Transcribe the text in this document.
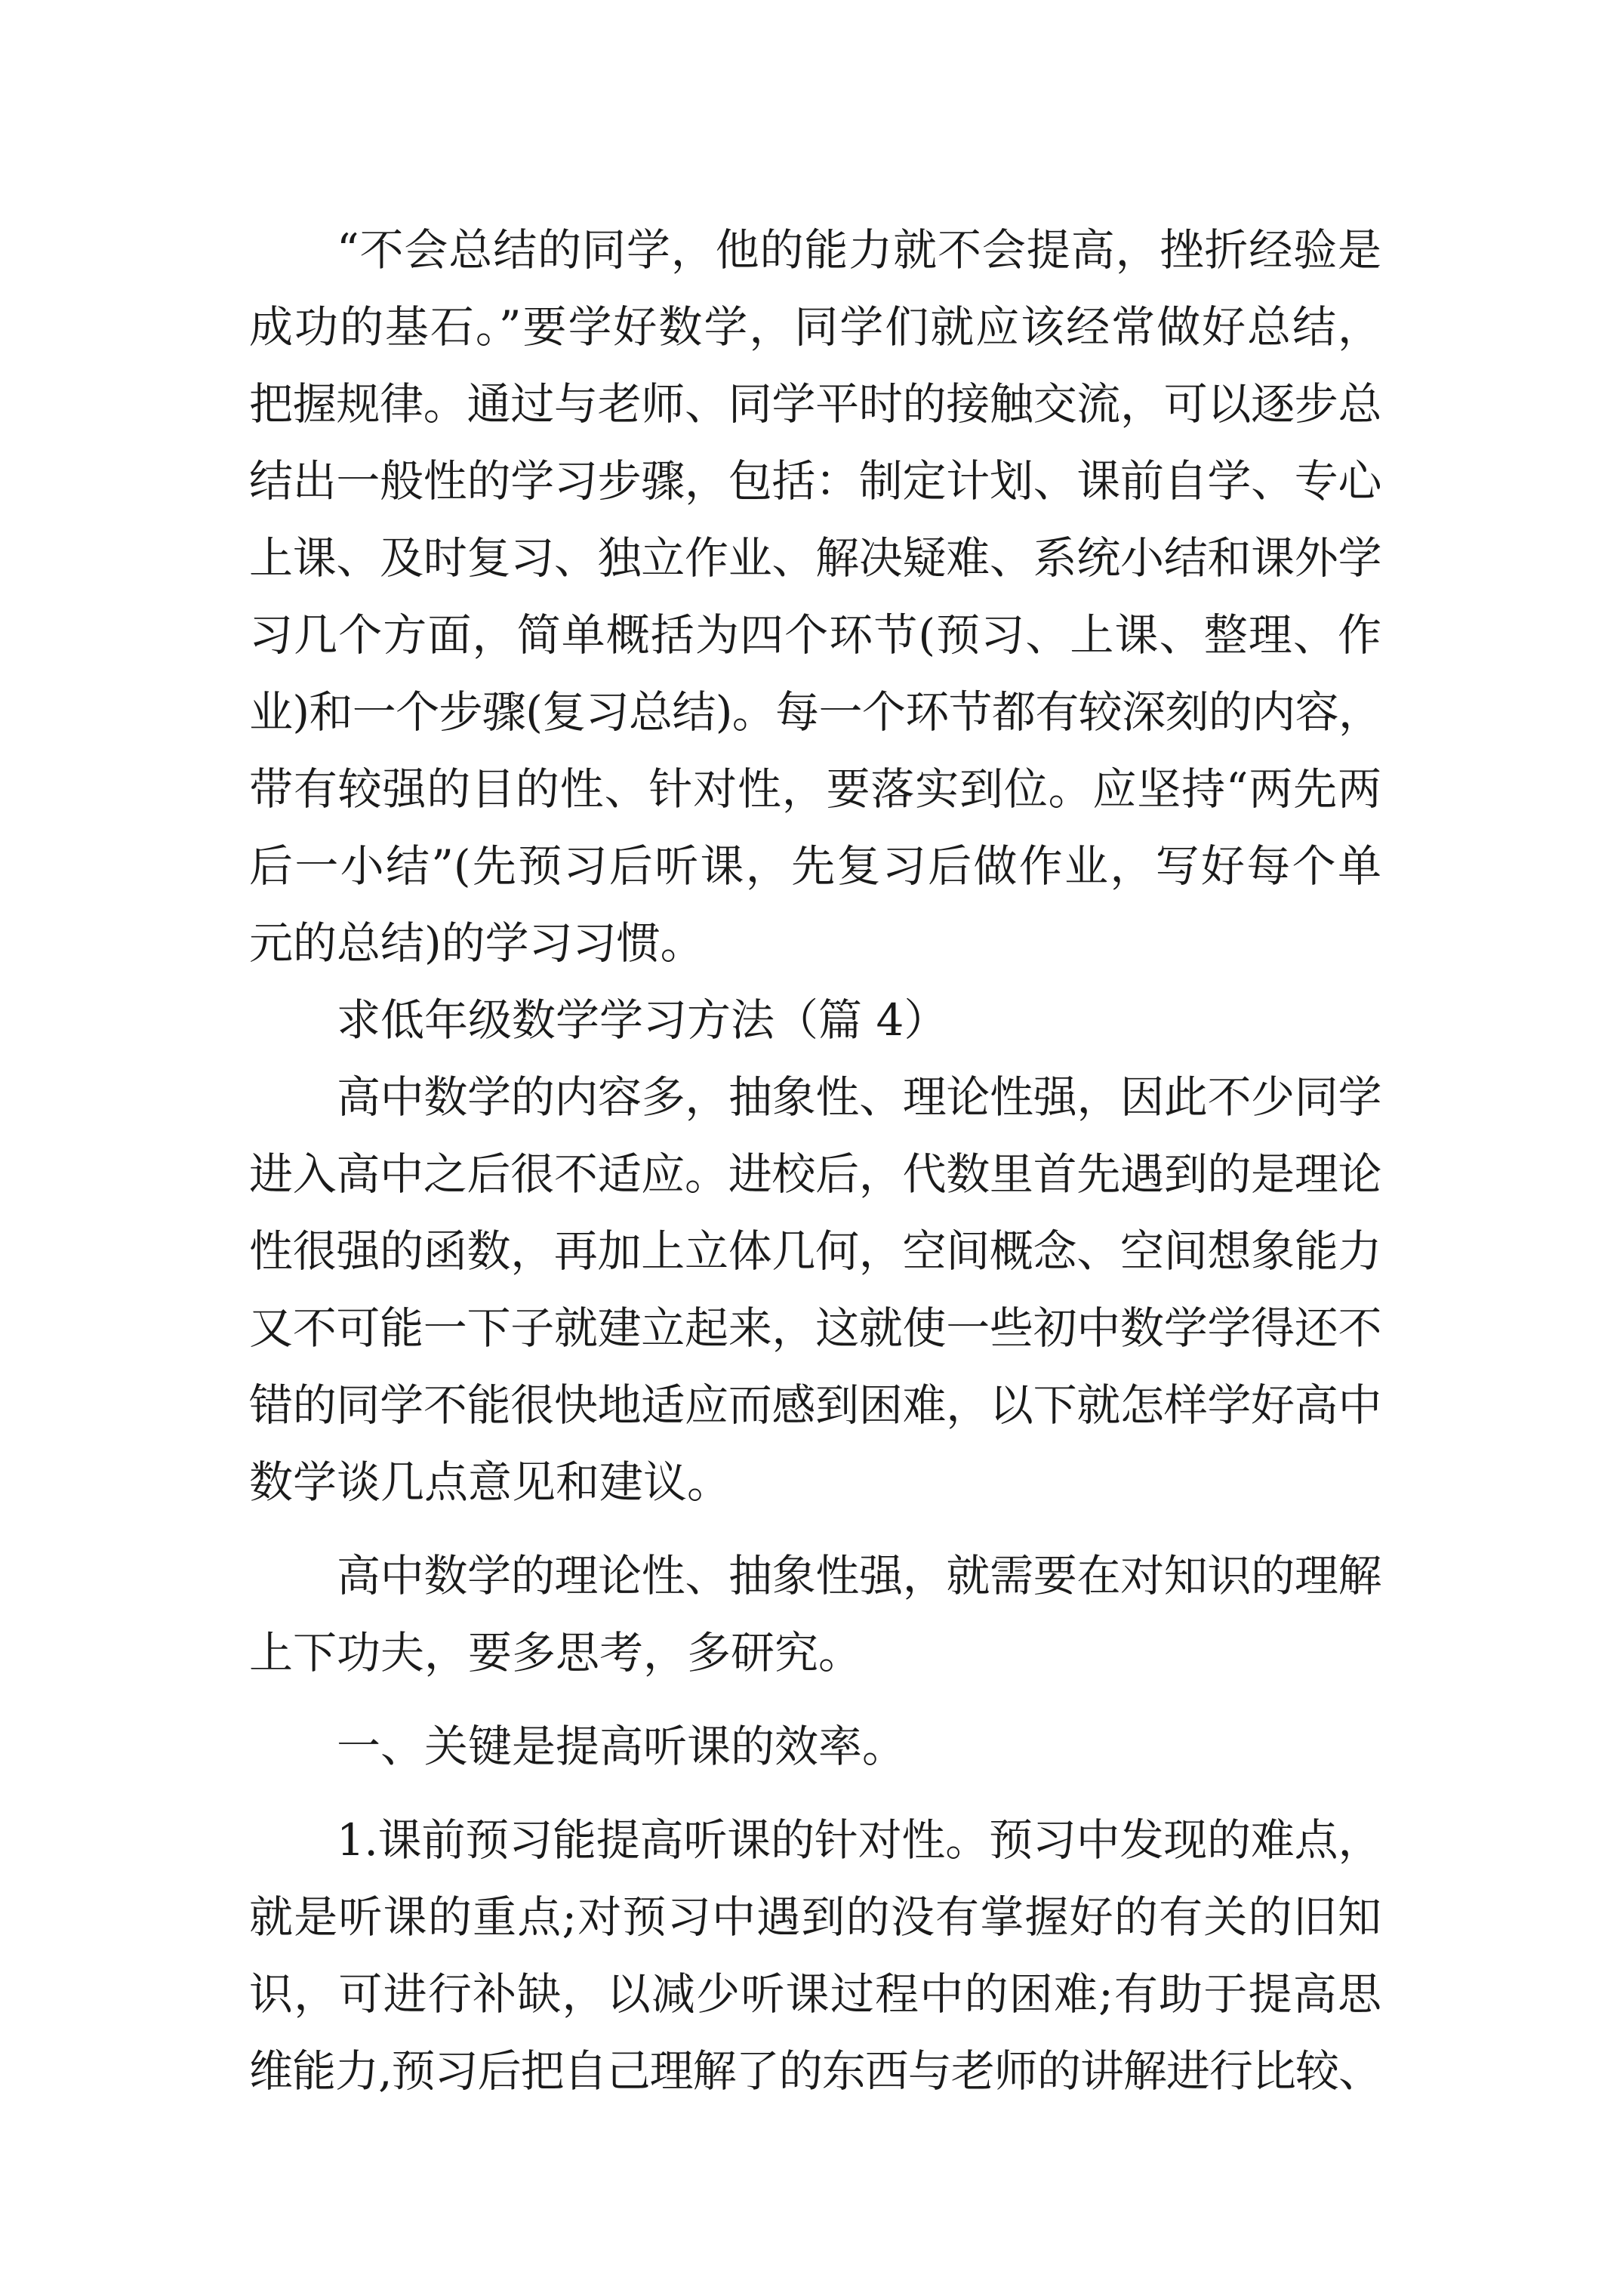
“不会总结的同学，他的能力就不会提高，挫折经验是
成功的基石。”要学好数学，同学们就应该经常做好总结，
把握规律。通过与老师、同学平时的接触交流，可以逐步总
结出一般性的学习步骤，包括：制定计划、课前自学、专心
上课、及时复习、独立作业、解决疑难、系统小结和课外学
习几个方面，简单概括为四个环节(预习、上课、整理、作
业)和一个步骤(复习总结)。每一个环节都有较深刻的内容，
带有较强的目的性、针对性，要落实到位。应坚持“两先两
后一小结”(先预习后听课，先复习后做作业，写好每个单
元的总结)的学习习惯。
求低年级数学学习方法（篇 4）
高中数学的内容多，抽象性、理论性强，因此不少同学
进入高中之后很不适应。进校后，代数里首先遇到的是理论
性很强的函数，再加上立体几何，空间概念、空间想象能力
又不可能一下子就建立起来，这就使一些初中数学学得还不
错的同学不能很快地适应而感到困难，以下就怎样学好高中
数学谈几点意见和建议。
高中数学的理论性、抽象性强，就需要在对知识的理解
上下功夫，要多思考，多研究。
一、关键是提高听课的效率。
1.课前预习能提高听课的针对性。预习中发现的难点，
就是听课的重点;对预习中遇到的没有掌握好的有关的旧知
识，可进行补缺，以减少听课过程中的困难;有助于提高思
维能力,预习后把自己理解了的东西与老师的讲解进行比较、
